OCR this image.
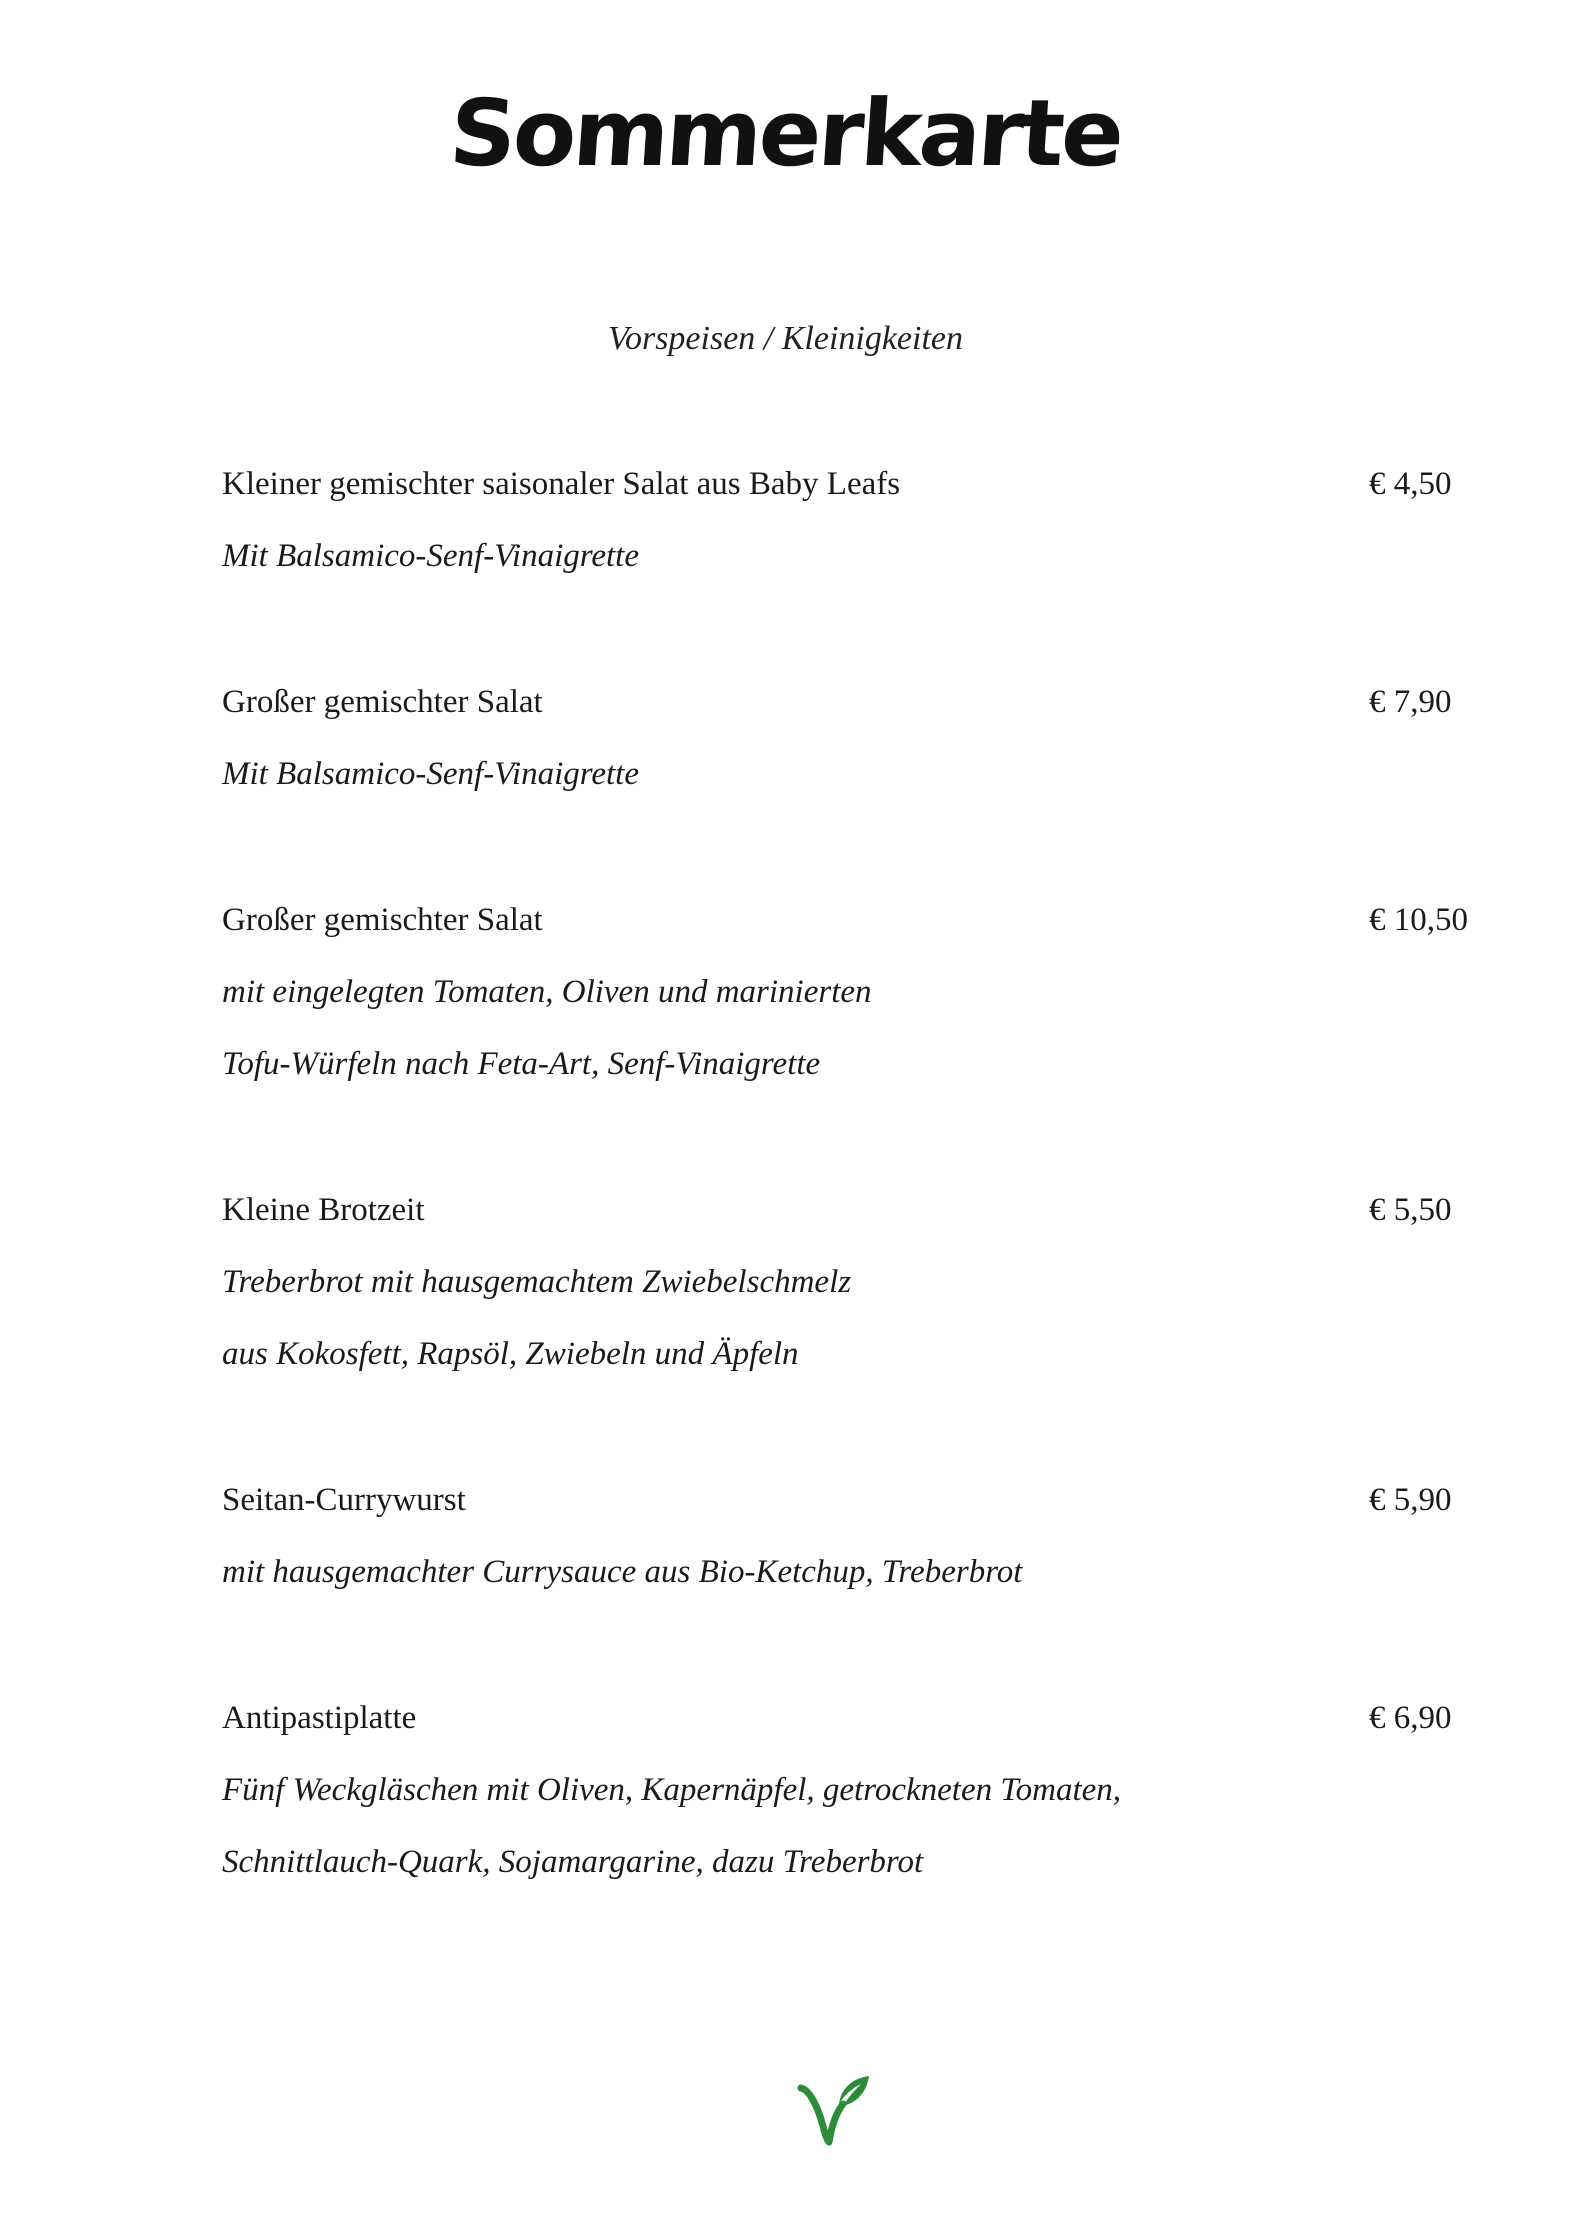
Sommerkarte
Vorspeisen / Kleinigkeiten
Kleiner gemischter saisonaler Salat aus Baby Leafs	€ 4,50
Mit Balsamico-Senf-Vinaigrette
Großer gemischter Salat	€ 7,90
Mit Balsamico-Senf-Vinaigrette
Großer gemischter Salat	€ 10,50
mit eingelegten Tomaten, Oliven und marinierten
Tofu-Würfeln nach Feta-Art, Senf-Vinaigrette
Kleine Brotzeit	€ 5,50
Treberbrot mit hausgemachtem Zwiebelschmelz
aus Kokosfett, Rapsöl, Zwiebeln und Äpfeln
Seitan-Currywurst	€ 5,90
mit hausgemachter Currysauce aus Bio-Ketchup, Treberbrot
Antipastiplatte	€ 6,90
Fünf Weckgläschen mit Oliven, Kapernäpfel, getrockneten Tomaten,
Schnittlauch-Quark, Sojamargarine, dazu Treberbrot
